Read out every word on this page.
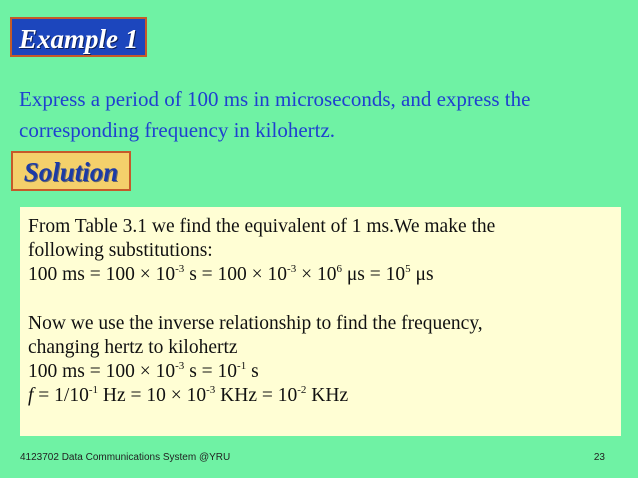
Example 1
Express a period of 100 ms in microseconds, and express the corresponding frequency in kilohertz.
Solution
From Table 3.1 we find the equivalent of 1 ms.We make the
following substitutions:
100 ms = $100 \times 10^{-3}$ $s = 100 \times 10^{-3} \times 10^6$ $\mu s = 10^5$ μs
Now we use the inverse relationship to find the frequency,
changing hertz to kilohertz
100 ms = $100 \times 10^{-3}$ $s = 10^{-1}$ s
$f = 1/10^{-1}$ $Hz = 10 \times 10^{-3}$ KHz = $10^{-2}$ KHz
4123702 Data Communications System @YRU	23
